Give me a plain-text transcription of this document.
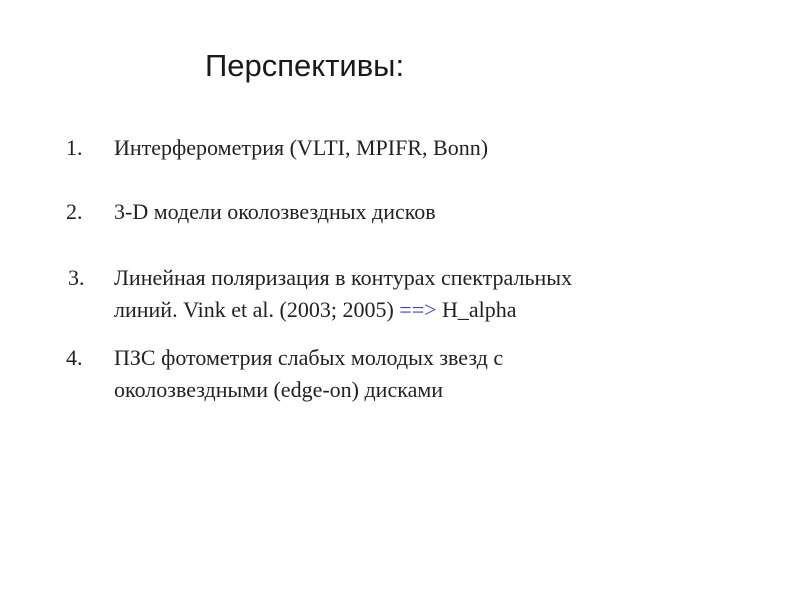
Перспективы:
1. Интерферометрия (VLTI, MPIFR, Bonn)
2. 3-D модели околозвездных дисков
3. Линейная поляризация в контурах спектральных
линий. Vink et al. (2003; 2005) ==> H_alpha
4. ПЗС фотометрия слабых молодых звезд с
околозвездными (edge-on) дисками
